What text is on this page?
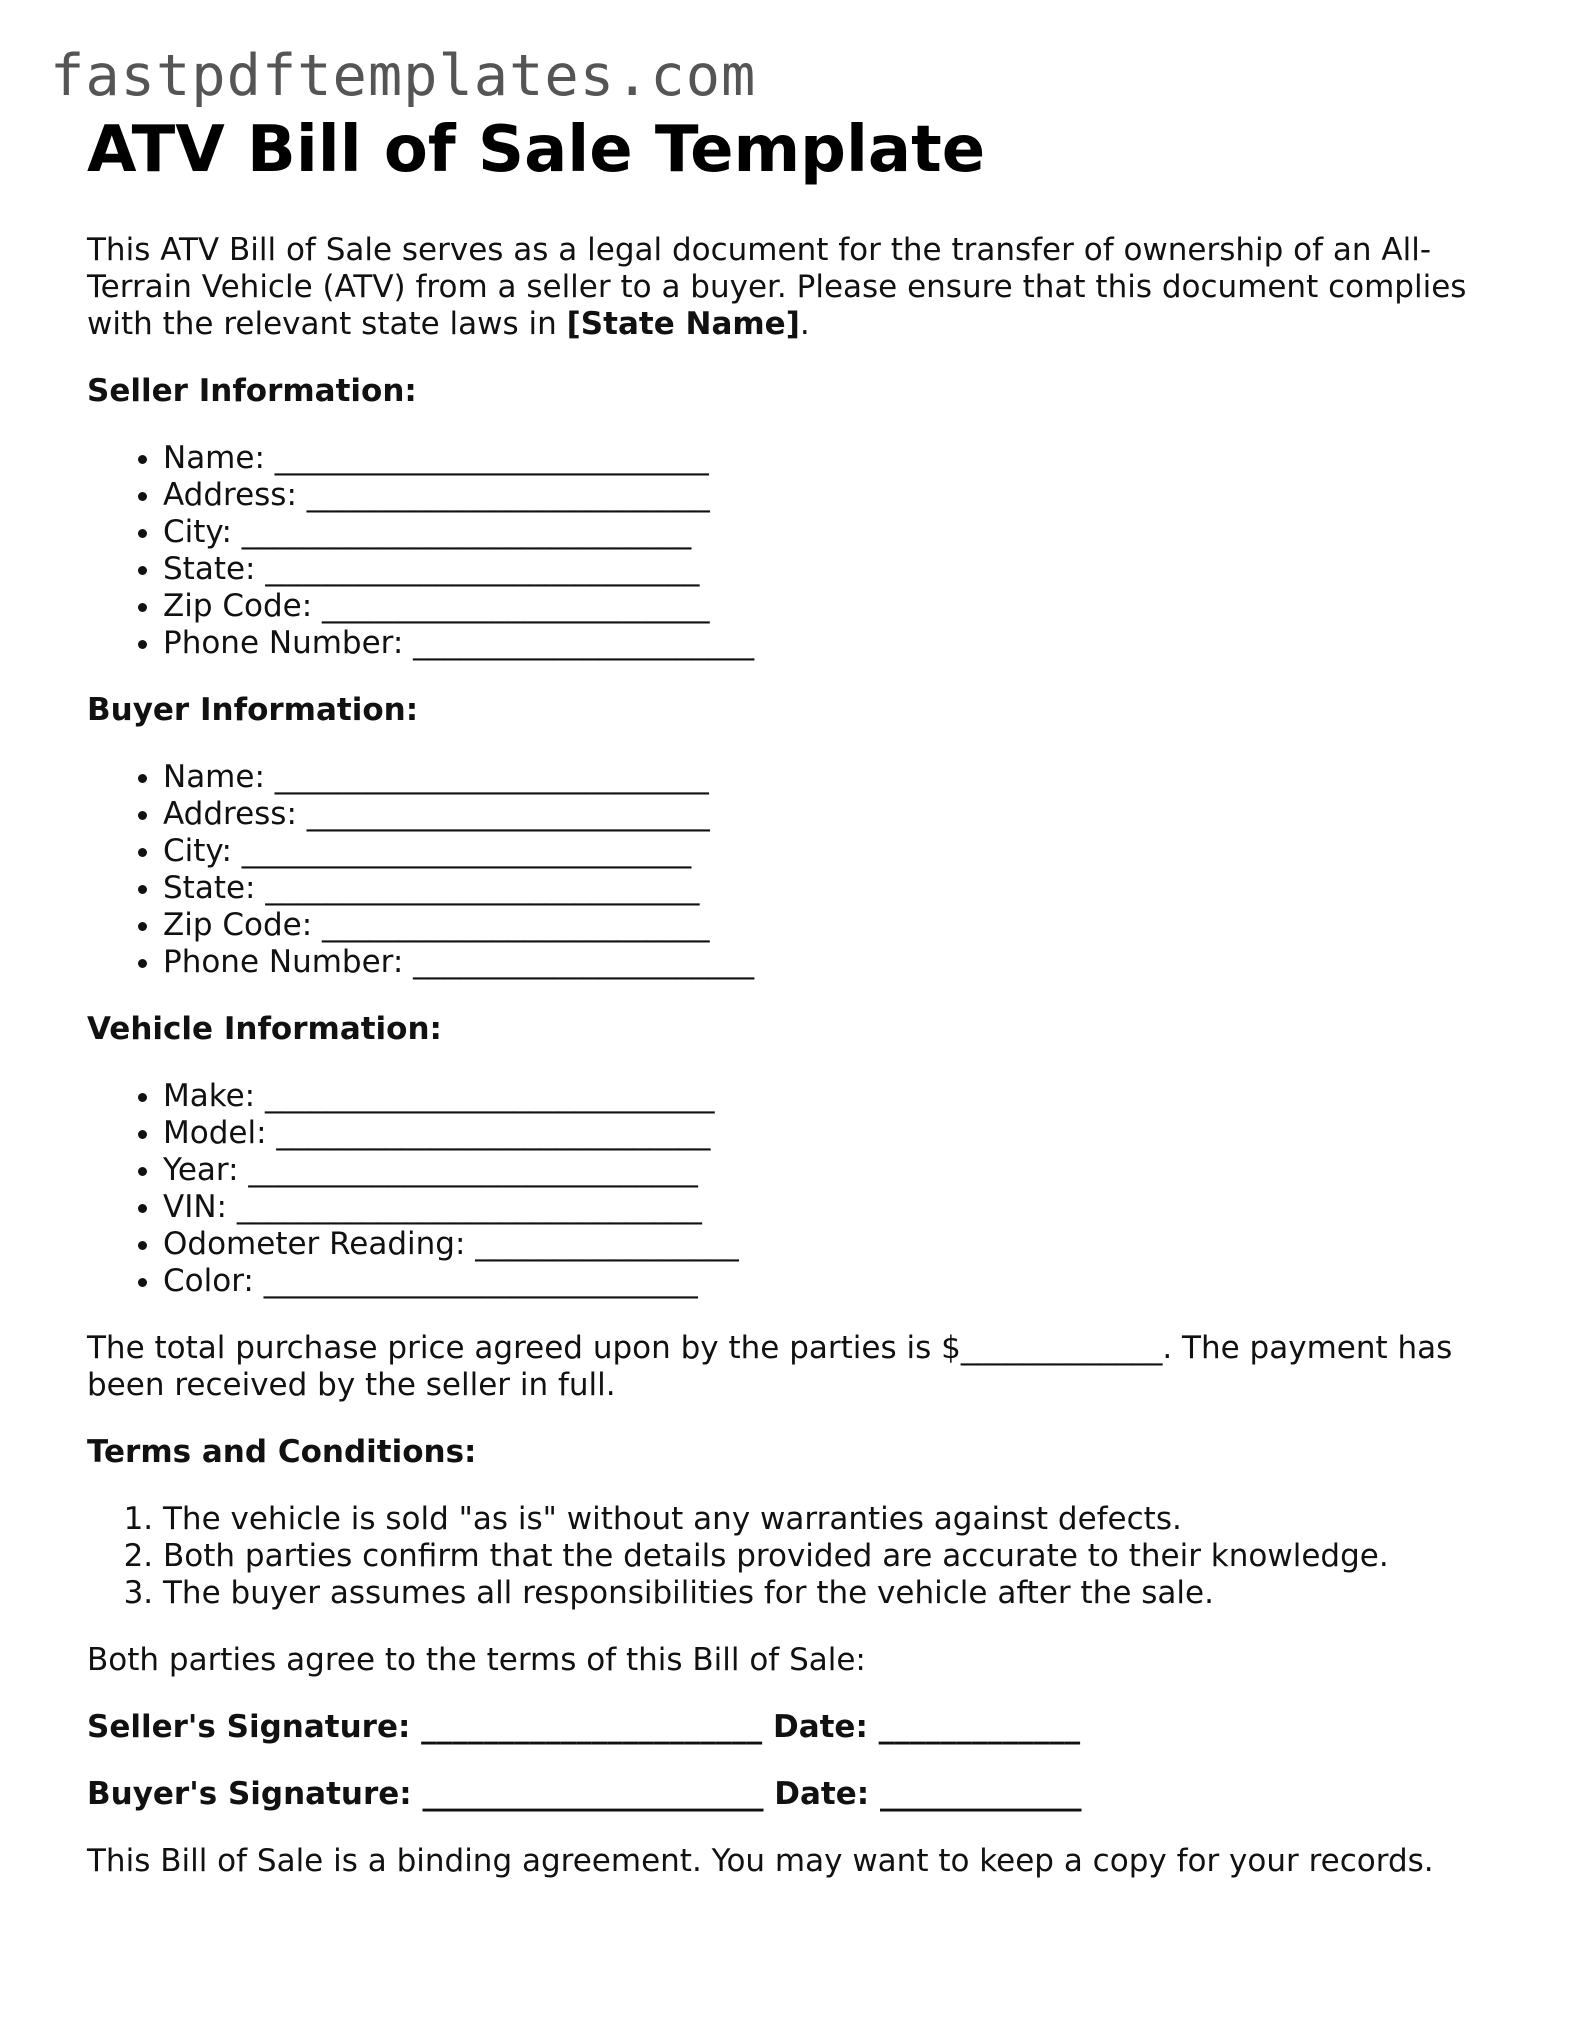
fastpdftemplates.com
ATV Bill of Sale Template

This ATV Bill of Sale serves as a legal document for the transfer of ownership of an All-Terrain Vehicle (ATV) from a seller to a buyer. Please ensure that this document complies with the relevant state laws in [State Name].

Seller Information:
• Name: ____________________________
• Address: __________________________
• City: _____________________________
• State: ____________________________
• Zip Code: _________________________
• Phone Number: ______________________
Buyer Information:
• Name: ____________________________
• Address: __________________________
• City: _____________________________
• State: ____________________________
• Zip Code: _________________________
• Phone Number: ______________________
Vehicle Information:
• Make: _____________________________
• Model: ____________________________
• Year: _____________________________
• VIN: ______________________________
• Odometer Reading: _________________
• Color: ____________________________

The total purchase price agreed upon by the parties is $_____________. The payment has been received by the seller in full.

Terms and Conditions:
1. The vehicle is sold "as is" without any warranties against defects.
2. Both parties confirm that the details provided are accurate to their knowledge.
3. The buyer assumes all responsibilities for the vehicle after the sale.

Both parties agree to the terms of this Bill of Sale:

Seller's Signature: ______________________ Date: _____________
Buyer's Signature: ______________________ Date: _____________

This Bill of Sale is a binding agreement. You may want to keep a copy for your records.
